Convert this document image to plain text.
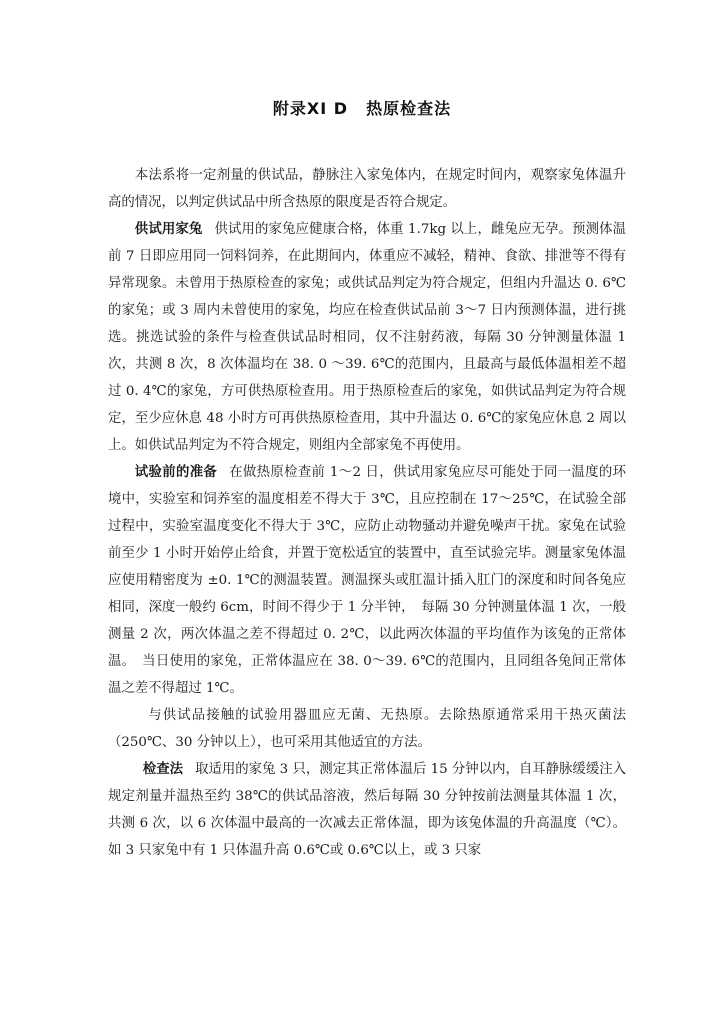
附录XI D 热原检查法

本法系将一定剂量的供试品，静脉注入家兔体内，在规定时间内，观察家兔体温升高的情况，以判定供试品中所含热原的限度是否符合规定。

供试用家兔 供试用的家兔应健康合格，体重 1.7kg 以上，雌兔应无孕。预测体温前 7 日即应用同一饲料饲养，在此期间内，体重应不减轻，精神、食欲、排泄等不得有异常现象。未曾用于热原检查的家兔；或供试品判定为符合规定，但组内升温达 0. 6℃的家兔；或 3 周内未曾使用的家兔，均应在检查供试品前 3～7 日内预测体温，进行挑选。挑选试验的条件与检查供试品时相同，仅不注射药液，每隔 30 分钟测量体温 1 次，共测 8 次，8 次体温均在 38. 0 ～39. 6℃的范围内，且最高与最低体温相差不超过 0. 4℃的家兔，方可供热原检查用。用于热原检查后的家兔，如供试品判定为符合规定，至少应休息 48 小时方可再供热原检查用，其中升温达 0. 6℃的家兔应休息 2 周以上。如供试品判定为不符合规定，则组内全部家兔不再使用。

试验前的准备 在做热原检查前 1～2 日，供试用家兔应尽可能处于同一温度的环境中，实验室和饲养室的温度相差不得大于 3℃，且应控制在 17～25℃，在试验全部过程中，实验室温度变化不得大于 3℃，应防止动物骚动并避免噪声干扰。家兔在试验前至少 1 小时开始停止给食，并置于宽松适宜的装置中，直至试验完毕。测量家兔体温应使用精密度为 ±0. 1℃的测温装置。测温探头或肛温计插入肛门的深度和时间各兔应相同，深度一般约 6cm，时间不得少于 1 分半钟，　每隔 30 分钟测量体温 1 次，一般测量 2 次，两次体温之差不得超过 0. 2℃，以此两次体温的平均值作为该兔的正常体温。　当日使用的家兔，正常体温应在 38. 0～39. 6℃的范围内，且同组各兔间正常体温之差不得超过 1℃。

与供试品接触的试验用器皿应无菌、无热原。去除热原通常采用干热灭菌法（250℃、30 分钟以上），也可采用其他适宜的方法。

检查法 取适用的家兔 3 只，测定其正常体温后 15 分钟以内，自耳静脉缓缓注入规定剂量并温热至约 38℃的供试品溶液，然后每隔 30 分钟按前法测量其体温 1 次，共测 6 次，以 6 次体温中最高的一次减去正常体温，即为该兔体温的升高温度（℃）。如 3 只家兔中有 1 只体温升高 0.6℃或 0.6℃以上，或 3 只家
